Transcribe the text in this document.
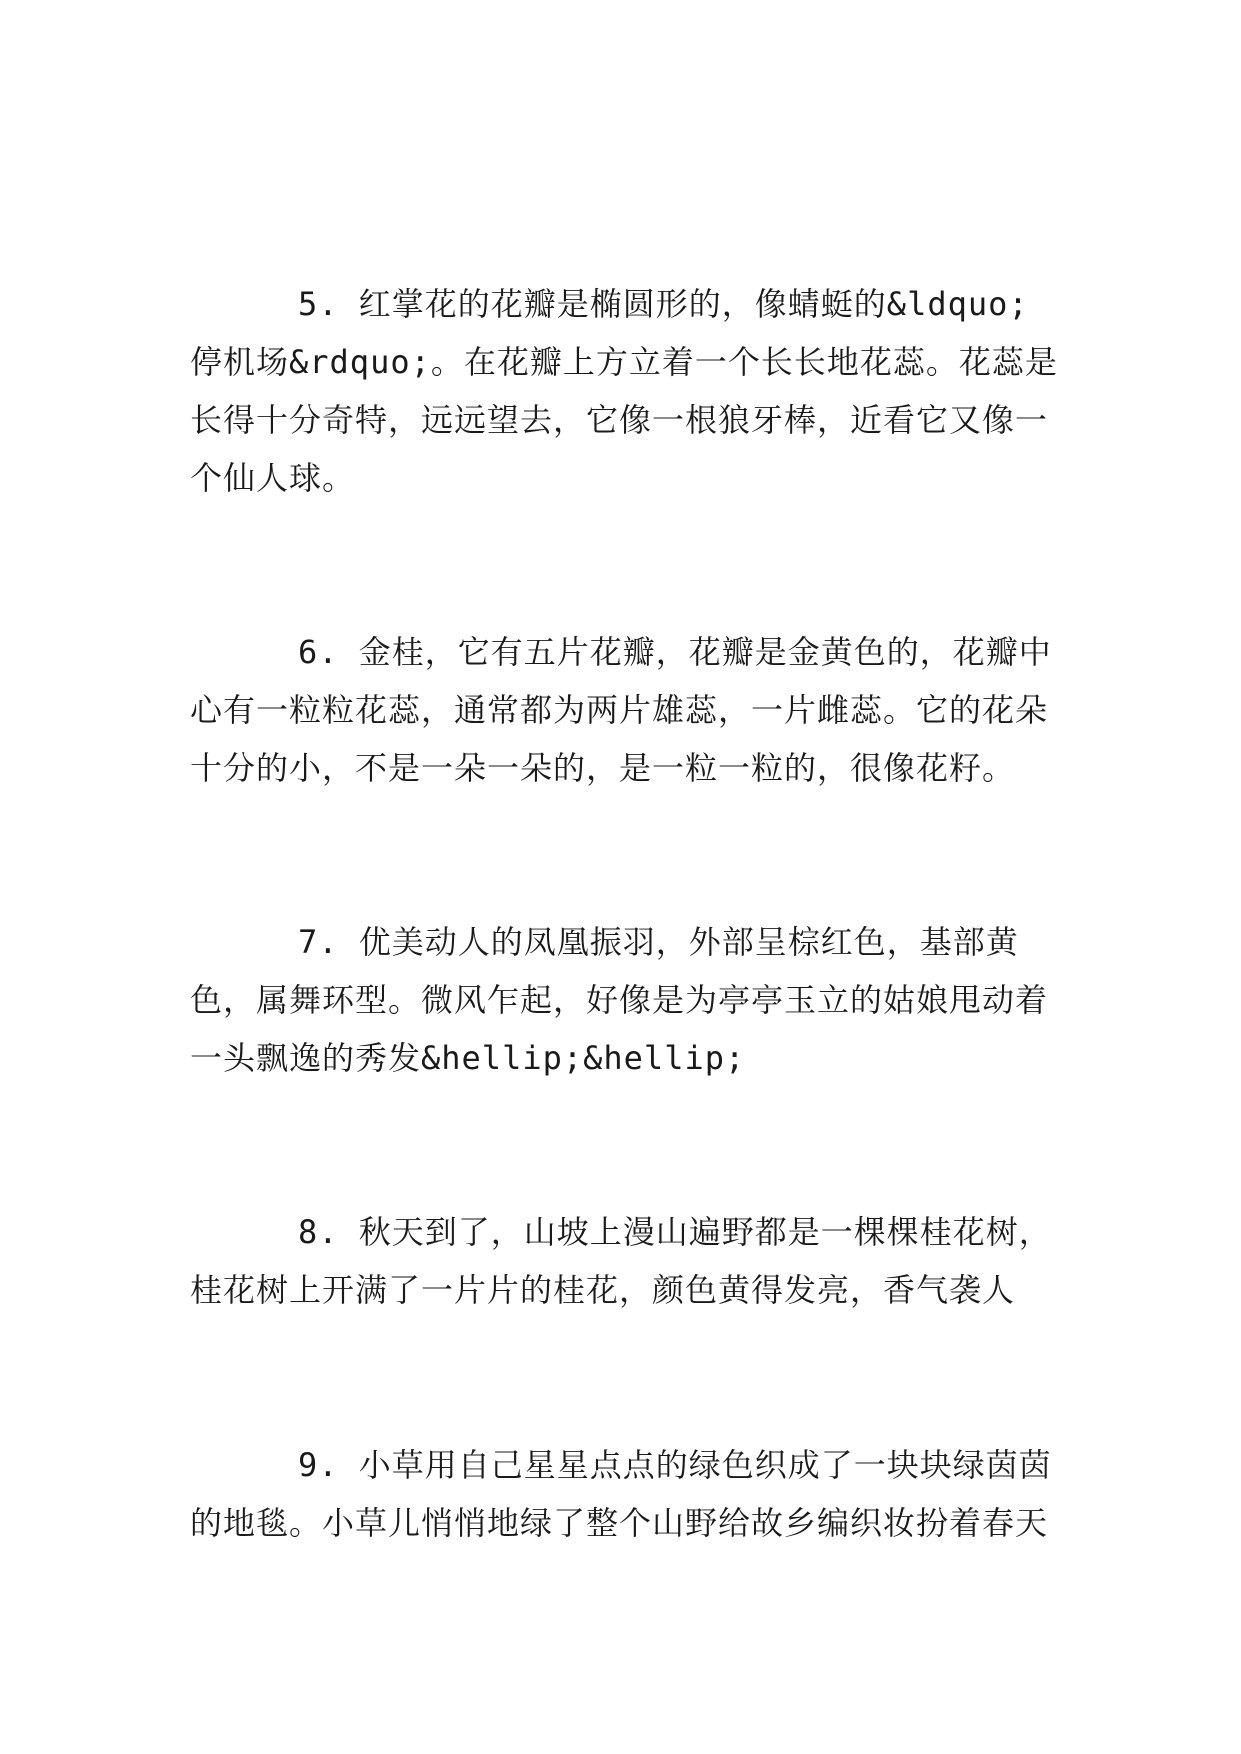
5. 红掌花的花瓣是椭圆形的，像蜻蜓的&ldquo;停机场&rdquo;。在花瓣上方立着一个长长地花蕊。花蕊是长得十分奇特，远远望去，它像一根狼牙棒，近看它又像一个仙人球。

6. 金桂，它有五片花瓣，花瓣是金黄色的，花瓣中心有一粒粒花蕊，通常都为两片雄蕊，一片雌蕊。它的花朵十分的小，不是一朵一朵的，是一粒一粒的，很像花籽。

7. 优美动人的凤凰振羽，外部呈棕红色，基部黄色，属舞环型。微风乍起，好像是为亭亭玉立的姑娘甩动着一头飘逸的秀发&hellip;&hellip;

8. 秋天到了，山坡上漫山遍野都是一棵棵桂花树，桂花树上开满了一片片的桂花，颜色黄得发亮，香气袭人

9. 小草用自己星星点点的绿色织成了一块块绿茵茵的地毯。小草儿悄悄地绿了整个山野给故乡编织妆扮着春天
